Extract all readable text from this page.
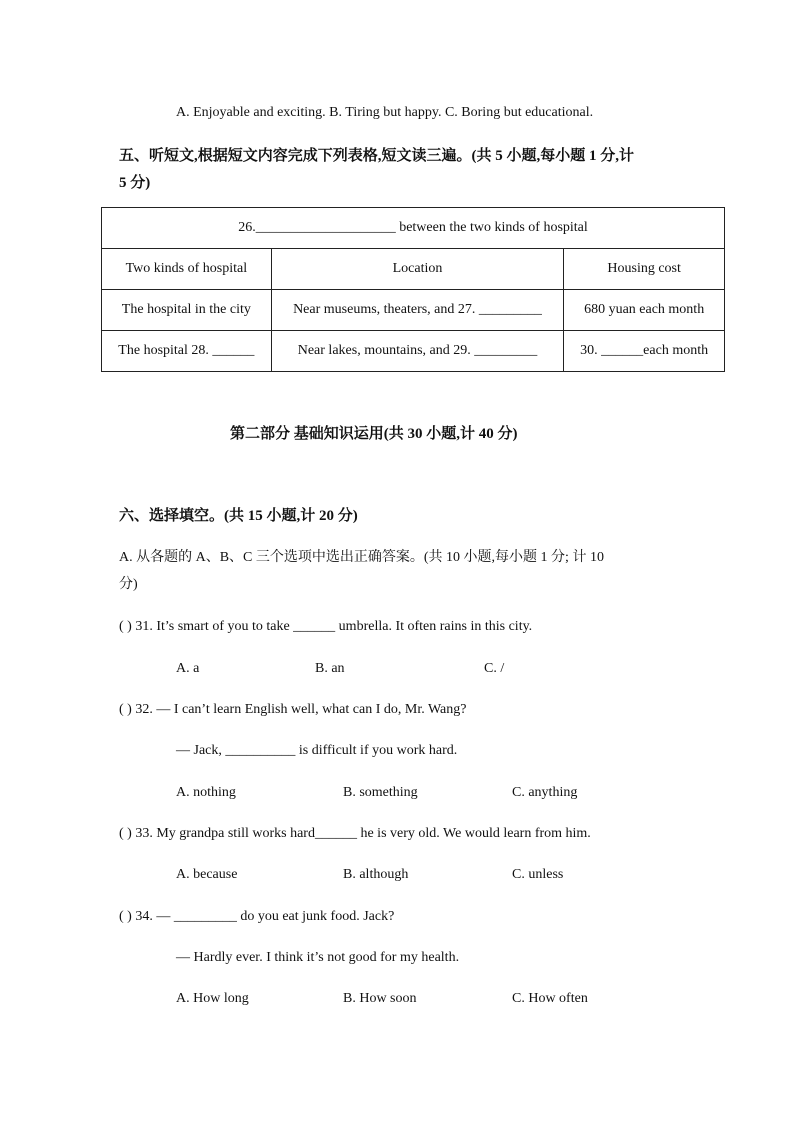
A. Enjoyable and exciting. B. Tiring but happy. C. Boring but educational.
五、听短文,根据短文内容完成下列表格,短文读三遍。(共 5 小题,每小题 1 分,计
5 分)
26.____________________ between the two kinds of hospital		
Two kinds of hospital	Location	Housing cost
The hospital in the city	Near museums, theaters, and 27. _________	680 yuan each month
The hospital 28. ______	Near lakes, mountains, and 29. _________	30. ______each month
第二部分 基础知识运用(共 30 小题,计 40 分)
六、选择填空。(共 15 小题,计 20 分)
A. 从各题的 A、B、C 三个选项中选出正确答案。(共 10 小题,每小题 1 分; 计 10
分)
( ) 31. It’s smart of you to take ______ umbrella. It often rains in this city.
A. a	B. an	C. /
( ) 32. — I can’t learn English well, what can I do, Mr. Wang?
— Jack, __________ is difficult if you work hard.
A. nothing	B. something	C. anything
( ) 33. My grandpa still works hard______ he is very old. We would learn from him.
A. because	B. although	C. unless
( ) 34. — _________ do you eat junk food. Jack?
— Hardly ever. I think it’s not good for my health.
A. How long	B. How soon	C. How often
